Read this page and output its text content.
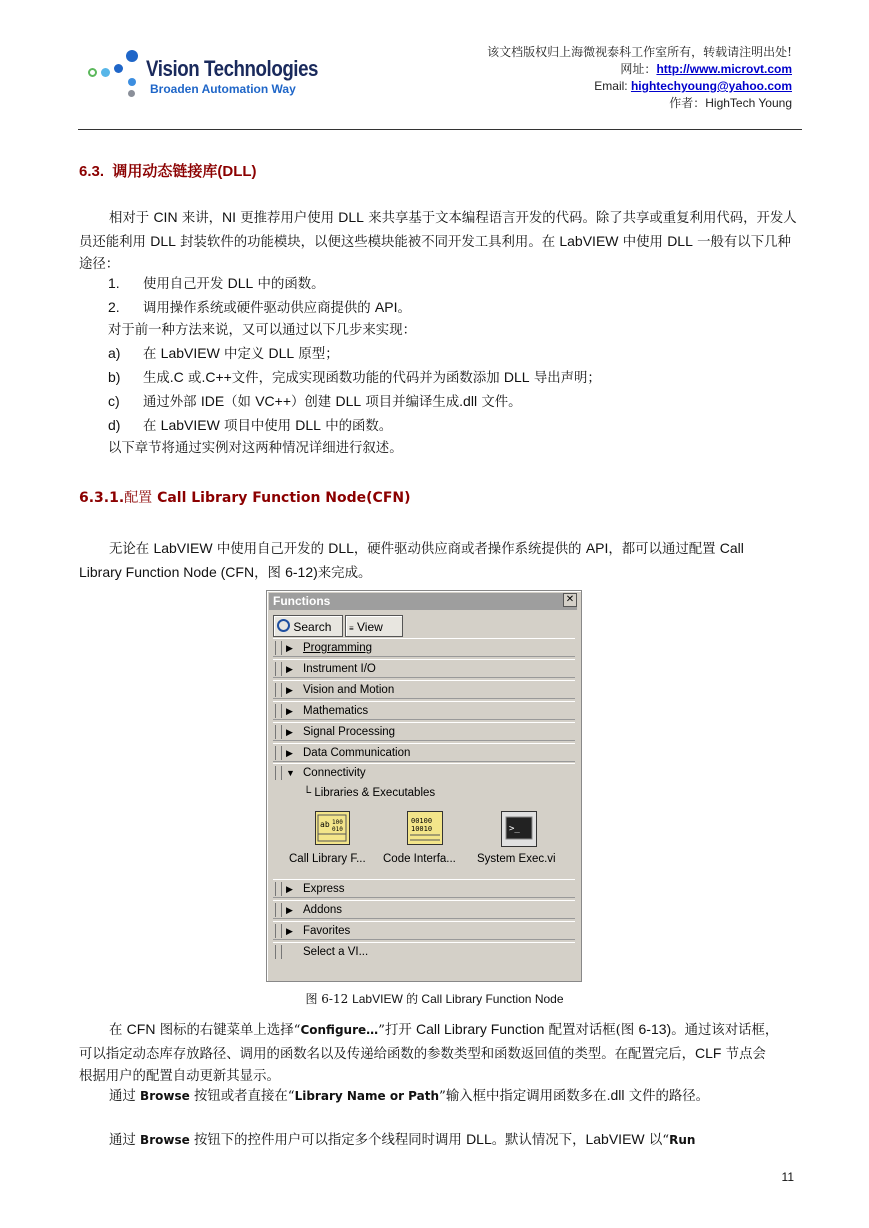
Vision Technologies
Broaden Automation Way
该文档版权归上海微视泰科工作室所有，转载请注明出处!
网址：http://www.microvt.com
Email: hightechyoung@yahoo.com
作者：HighTech Young
6.3. 调用动态链接库(DLL)
相对于 CIN 来讲，NI 更推荐用户使用 DLL 来共享基于文本编程语言开发的代码。除了共享或重复利用代码，开发人员还能利用 DLL 封装软件的功能模块，以便这些模块能被不同开发工具利用。在 LabVIEW 中使用 DLL 一般有以下几种途径：
1.	使用自己开发 DLL 中的函数。
2.	调用操作系统或硬件驱动供应商提供的 API。
对于前一种方法来说，又可以通过以下几步来实现：
a)	在 LabVIEW 中定义 DLL 原型；
b)	生成.C 或.C++文件，完成实现函数功能的代码并为函数添加 DLL 导出声明；
c)	通过外部 IDE（如 VC++）创建 DLL 项目并编译生成.dll 文件。
d)	在 LabVIEW 项目中使用 DLL 中的函数。
以下章节将通过实例对这两种情况详细进行叙述。
6.3.1.配置 Call Library Function Node(CFN)
无论在 LabVIEW 中使用自己开发的 DLL，硬件驱动供应商或者操作系统提供的 API，都可以通过配置 Call Library Function Node (CFN，图 6-12)来完成。
Functions	✕
Search	≡ View
▶ Programming
▶ Instrument I/O
▶ Vision and Motion
▶ Mathematics
▶ Signal Processing
▶ Data Communication
▼ Connectivity
└ Libraries & Executables
ab 100
010
00100
10010	>_
Call Library F... Code Interfa... System Exec.vi
▶ Express
▶ Addons
▶ Favorites
Select a VI...
图 6-12 LabVIEW 的 Call Library Function Node
在 CFN 图标的右键菜单上选择“Configure…”打开 Call Library Function 配置对话框(图 6-13)。通过该对话框，可以指定动态库存放路径、调用的函数名以及传递给函数的参数类型和函数返回值的类型。在配置完后，CLF 节点会根据用户的配置自动更新其显示。
通过 Browse 按钮或者直接在“Library Name or Path”输入框中指定调用函数多在.dll 文件的路径。
通过 Browse 按钮下的控件用户可以指定多个线程同时调用 DLL。默认情况下，LabVIEW 以“Run
11
